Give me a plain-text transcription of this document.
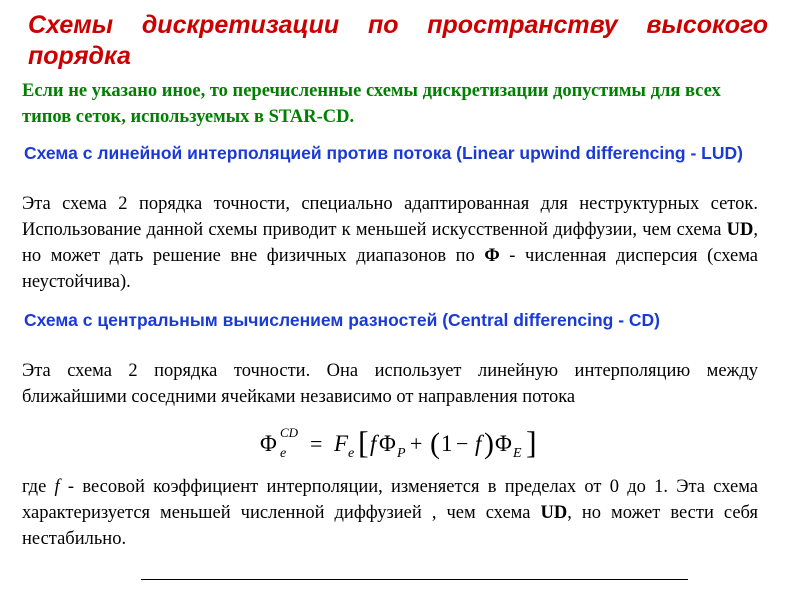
Схемы дискретизации по пространству высокого порядка

Если не указано иное, то перечисленные схемы дискретизации допустимы для всех типов сеток, используемых в STAR-CD.

Схема с линейной интерполяцией против потока (Linear upwind differencing - LUD)

Эта схема 2 порядка точности, специально адаптированная для неструктурных сеток. Использование данной схемы приводит к меньшей искусственной диффузии, чем схема UD, но может дать решение вне физичных диапазонов по Φ - численная дисперсия (схема неустойчива).

Схема с центральным вычислением разностей (Central differencing - CD)

Эта схема 2 порядка точности. Она использует линейную интерполяцию между ближайшими соседними ячейками независимо от направления потока

Φ CD
e = F e [ f Φ P + ( 1 − f ) Φ E ]

где f - весовой коэффициент интерполяции, изменяется в пределах от 0 до 1. Эта схема характеризуется меньшей численной диффузией , чем схема UD, но может вести себя нестабильно.
